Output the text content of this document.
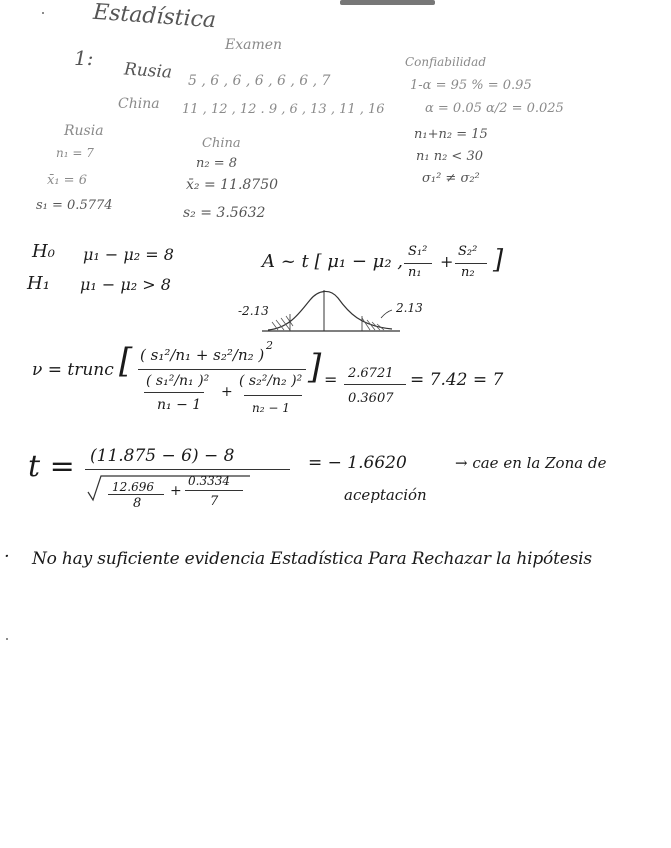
Estadística
Examen
1:
Rusia 5 , 6 , 6 , 6 , 6 , 6 , 7
China 11 , 12 , 12 . 9 , 6 , 13 , 11 , 16
Confiabilidad
1-α = 95 % = 0.95
α = 0.05 α/2 = 0.025
n₁+n₂ = 15
n₁ n₂ < 30
σ₁² ≠ σ₂²
Rusia
n₁ = 7
x̄₁ = 6
s₁ = 0.5774
China
n₂ = 8
x̄₂ = 11.8750
s₂ = 3.5632
H₀ μ₁ − μ₂ = 8
H₁ μ₁ − μ₂ > 8
A ~ t [ μ₁ − μ₂ , S₁²
n₁
+
S₂²
n₂ ]
-2.13	2.13
ν = trunc [	2
( s₁²/n₁ + s₂²/n₂ )
( s₁²/n₁ )²
n₁ − 1
+
( s₂²/n₂ )²
n₂ − 1
] = 2.6721
0.3607
= 7.42 = 7
t = (11.875 − 6) − 8
12.696
8
+
0.3334
7
= − 1.6620	→ cae en la Zona de
aceptación
· No hay suficiente evidencia Estadística Para Rechazar la hipótesis
